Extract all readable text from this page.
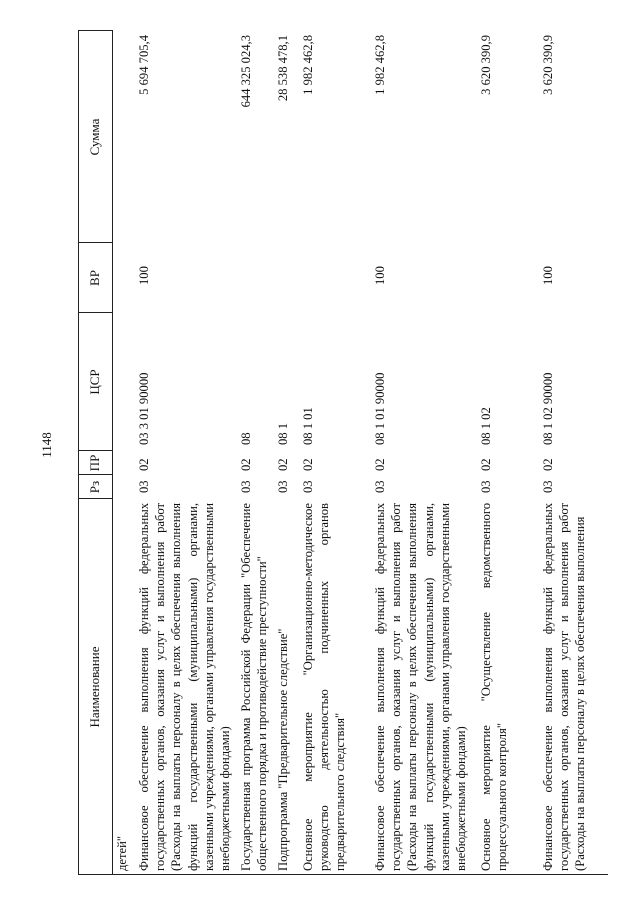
1148
Наименование
Рз
ПР
ЦСР
ВР
Сумма
детей" Финансовое обеспечение выполнения функций федеральных государственных органов, оказания услуг и выполнения работ (Расходы на выплаты персоналу в целях обеспечения выполнения функций государственными (муниципальными) органами, казенными учреждениями, органами управления государственными внебюджетными фондами)
03
02
03 3 01 90000
100
5 694 705,4
Государственная программа Российской Федерации "Обеспечение общественного порядка и противодействие преступности"
03
02
08
644 325 024,3
Подпрограмма "Предварительное следствие"
03
02
08 1
28 538 478,1
Основное мероприятие "Организационно-методическое руководство деятельностью подчиненных органов предварительного следствия"
03
02
08 1 01
1 982 462,8
Финансовое обеспечение выполнения функций федеральных государственных органов, оказания услуг и выполнения работ (Расходы на выплаты персоналу в целях обеспечения выполнения функций государственными (муниципальными) органами, казенными учреждениями, органами управления государственными внебюджетными фондами)
03
02
08 1 01 90000
100
1 982 462,8
Основное мероприятие "Осуществление ведомственного процессуального контроля"
03
02
08 1 02
3 620 390,9
Финансовое обеспечение выполнения функций федеральных государственных органов, оказания услуг и выполнения работ (Расходы на выплаты персоналу в целях обеспечения выполнения
03
02
08 1 02 90000
100
3 620 390,9
